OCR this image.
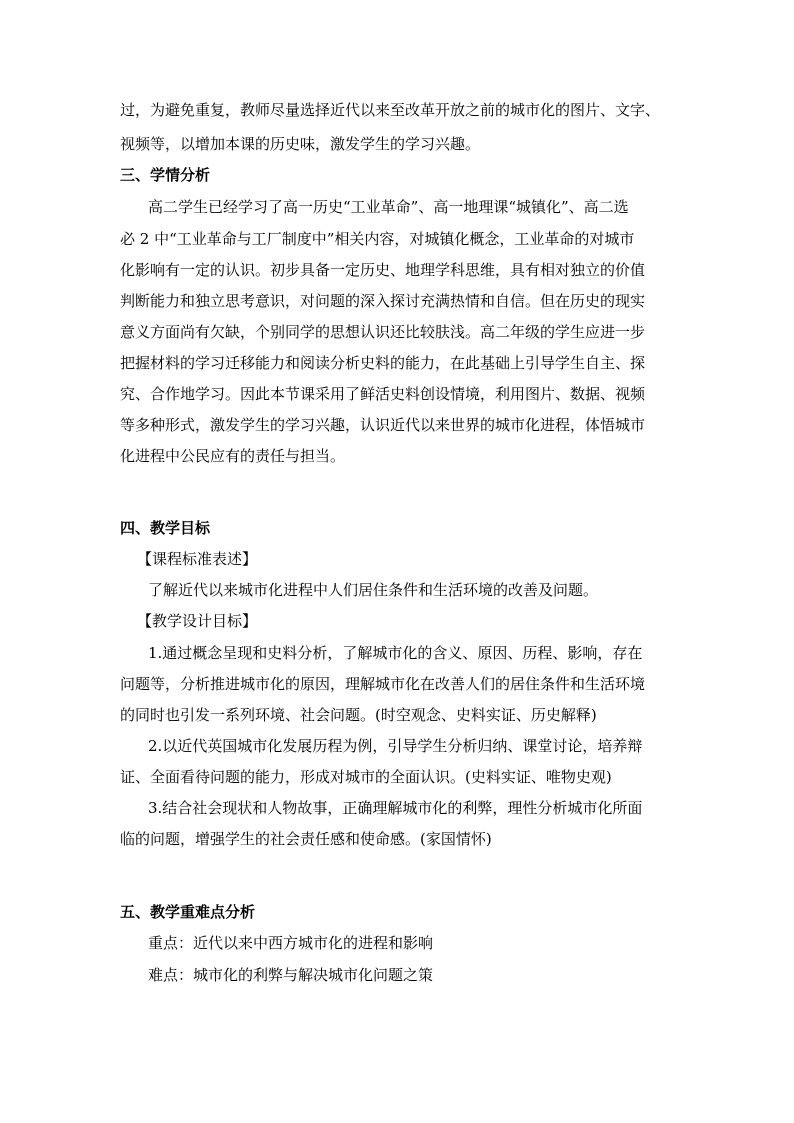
过，为避免重复，教师尽量选择近代以来至改革开放之前的城市化的图片、文字、
视频等，以增加本课的历史味，激发学生的学习兴趣。
三、学情分析
高二学生已经学习了高一历史“工业革命”、高一地理课“城镇化”、高二选
必 2 中“工业革命与工厂制度中”相关内容，对城镇化概念，工业革命的对城市
化影响有一定的认识。初步具备一定历史、地理学科思维，具有相对独立的价值
判断能力和独立思考意识，对问题的深入探讨充满热情和自信。但在历史的现实
意义方面尚有欠缺，个别同学的思想认识还比较肤浅。高二年级的学生应进一步
把握材料的学习迁移能力和阅读分析史料的能力，在此基础上引导学生自主、探
究、合作地学习。因此本节课采用了鲜活史料创设情境，利用图片、数据、视频
等多种形式，激发学生的学习兴趣，认识近代以来世界的城市化进程，体悟城市
化进程中公民应有的责任与担当。
四、教学目标
【课程标准表述】
了解近代以来城市化进程中人们居住条件和生活环境的改善及问题。
【教学设计目标】
1.通过概念呈现和史料分析，了解城市化的含义、原因、历程、影响，存在
问题等，分析推进城市化的原因，理解城市化在改善人们的居住条件和生活环境
的同时也引发一系列环境、社会问题。(时空观念、史料实证、历史解释)
2.以近代英国城市化发展历程为例，引导学生分析归纳、课堂讨论，培养辩
证、全面看待问题的能力，形成对城市的全面认识。(史料实证、唯物史观)
3.结合社会现状和人物故事，正确理解城市化的利弊，理性分析城市化所面
临的问题，增强学生的社会责任感和使命感。(家国情怀)
五、教学重难点分析
重点：近代以来中西方城市化的进程和影响
难点：城市化的利弊与解决城市化问题之策
